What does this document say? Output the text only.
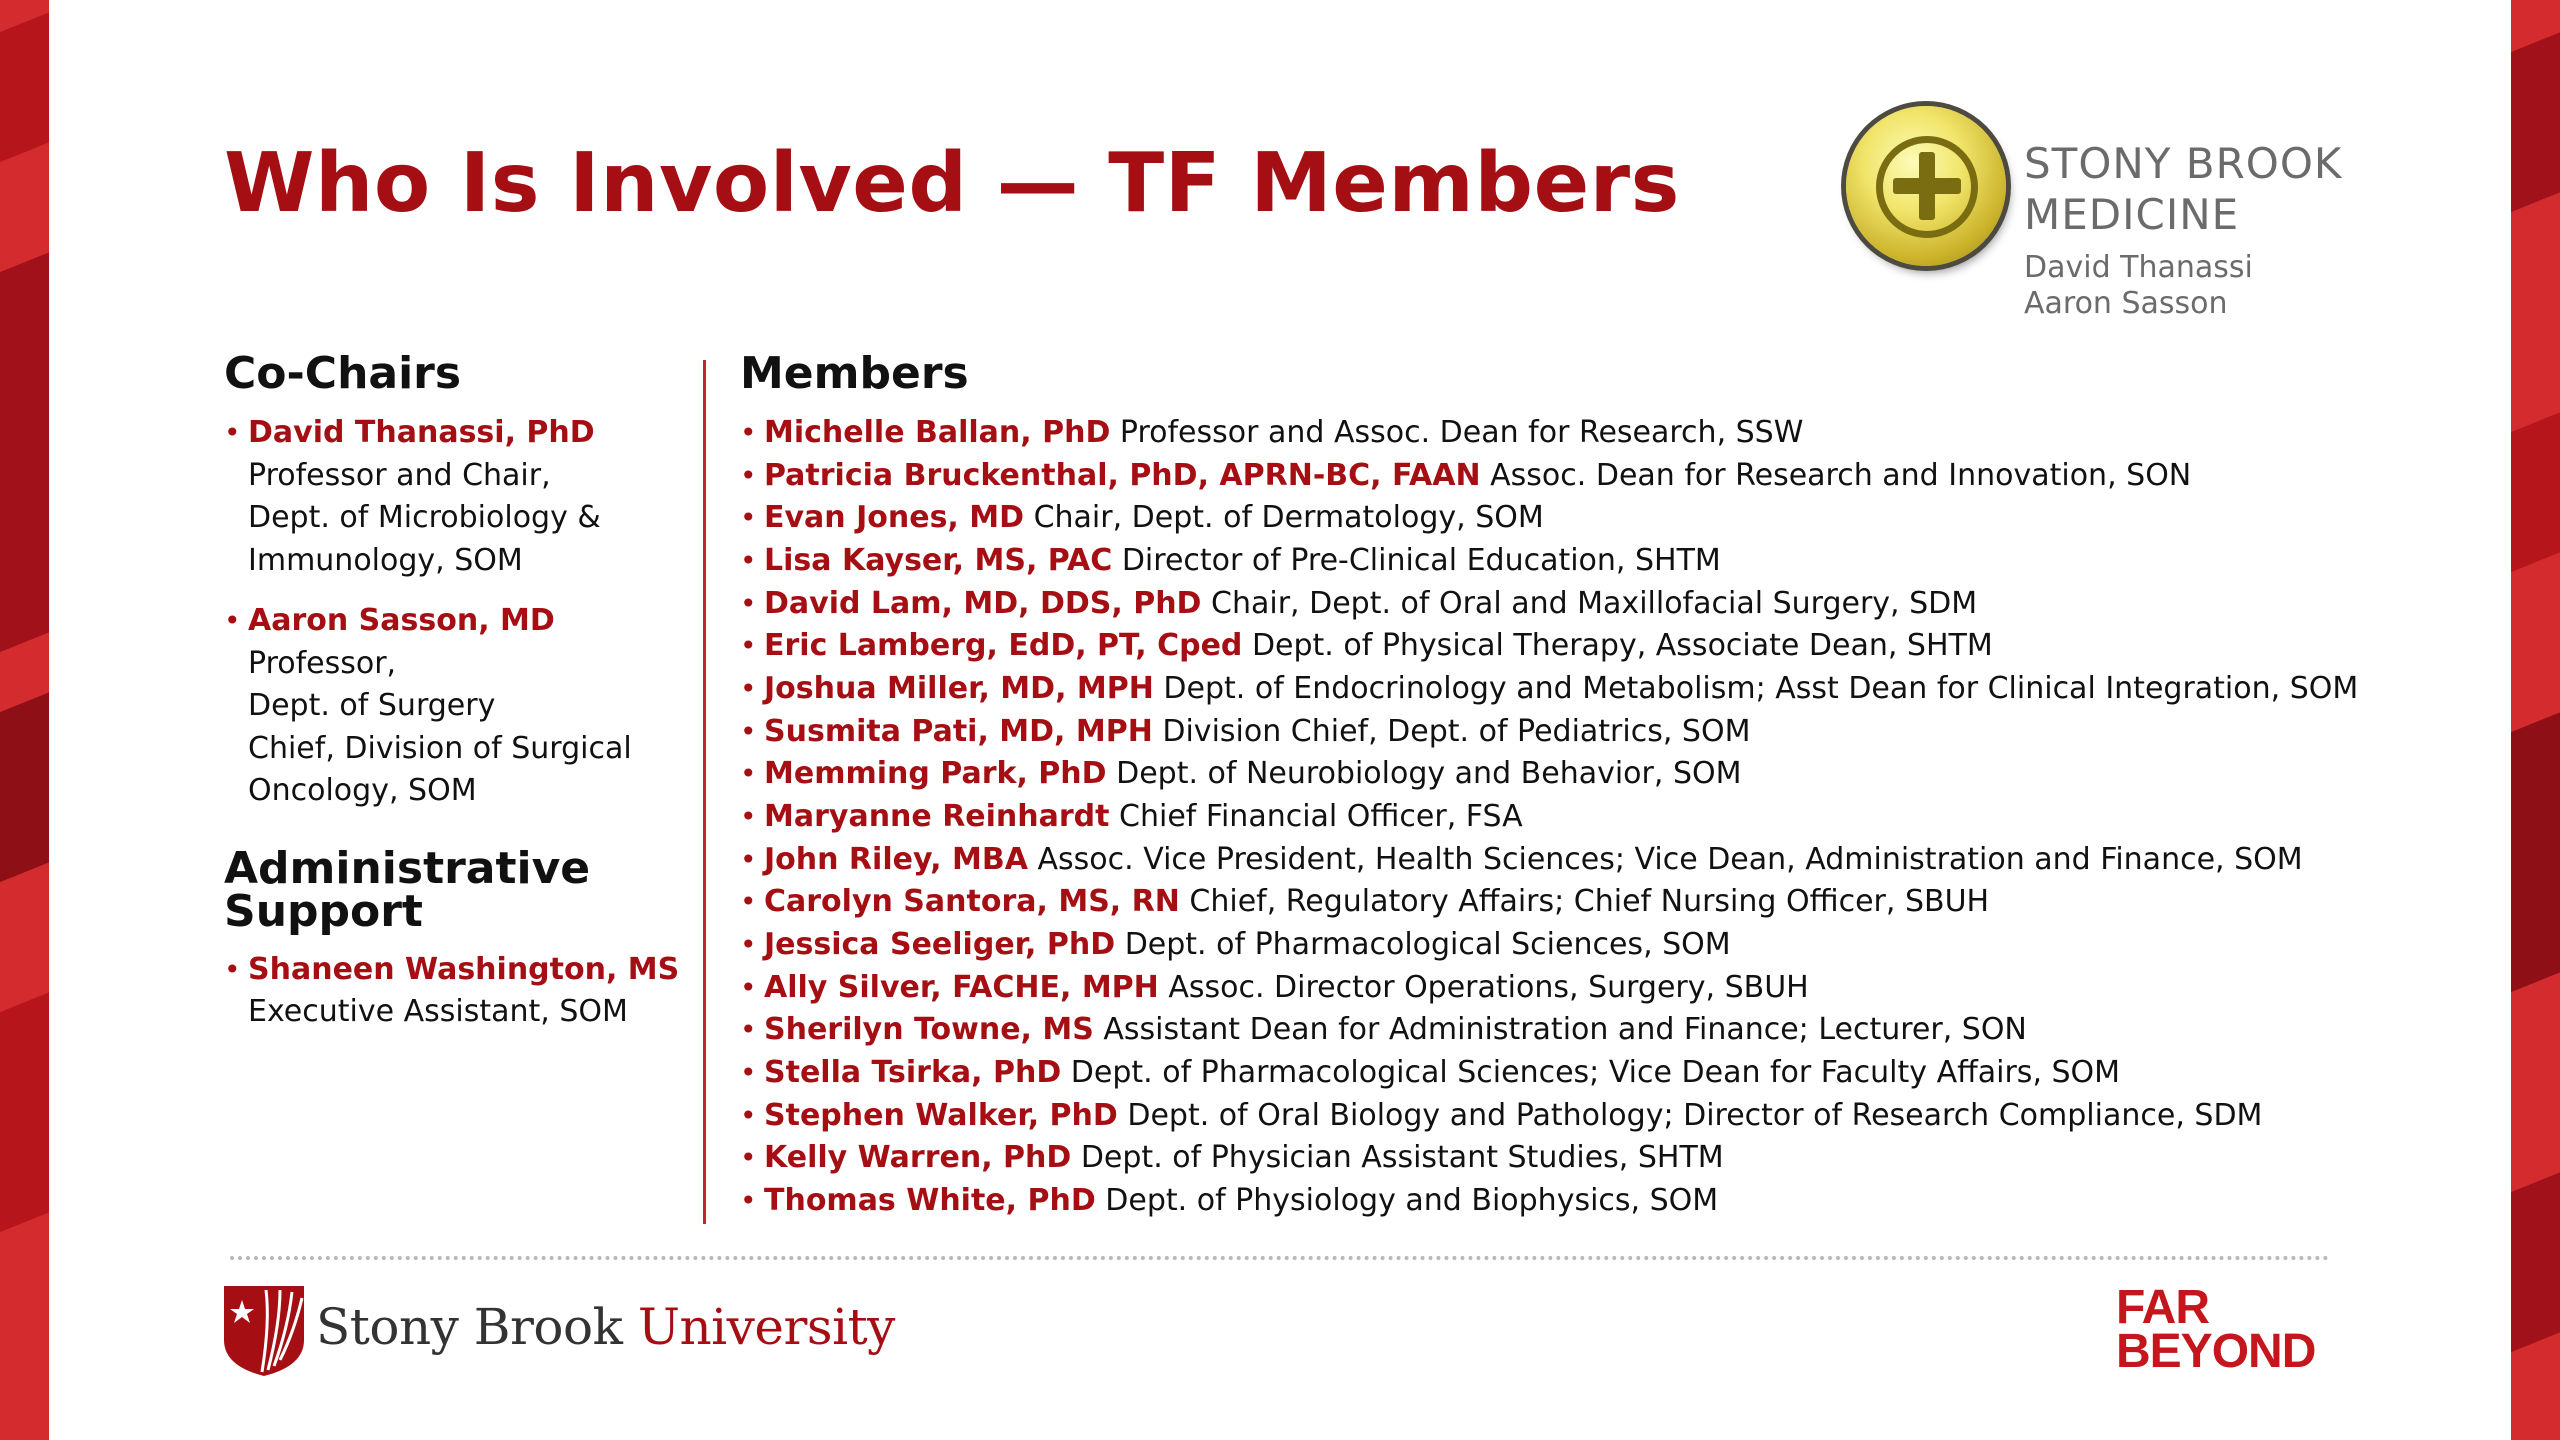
Who Is Involved — TF Members	STONY BROOK
MEDICINE
David Thanassi
Aaron Sasson
Co-Chairs
• David Thanassi, PhD
Professor and Chair,
Dept. of Microbiology &
Immunology, SOM
• Aaron Sasson, MD
Professor,
Dept. of Surgery
Chief, Division of Surgical
Oncology, SOM
Administrative
Support
• Shaneen Washington, MS
Executive Assistant, SOM
Members
• Michelle Ballan, PhD Professor and Assoc. Dean for Research, SSW
• Patricia Bruckenthal, PhD, APRN-BC, FAAN Assoc. Dean for Research and Innovation, SON
• Evan Jones, MD Chair, Dept. of Dermatology, SOM
• Lisa Kayser, MS, PAC Director of Pre-Clinical Education, SHTM
• David Lam, MD, DDS, PhD Chair, Dept. of Oral and Maxillofacial Surgery, SDM
• Eric Lamberg, EdD, PT, Cped Dept. of Physical Therapy, Associate Dean, SHTM
• Joshua Miller, MD, MPH Dept. of Endocrinology and Metabolism; Asst Dean for Clinical Integration, SOM
• Susmita Pati, MD, MPH Division Chief, Dept. of Pediatrics, SOM
• Memming Park, PhD Dept. of Neurobiology and Behavior, SOM
• Maryanne Reinhardt Chief Financial Officer, FSA
• John Riley, MBA Assoc. Vice President, Health Sciences; Vice Dean, Administration and Finance, SOM
• Carolyn Santora, MS, RN Chief, Regulatory Affairs; Chief Nursing Officer, SBUH
• Jessica Seeliger, PhD Dept. of Pharmacological Sciences, SOM
• Ally Silver, FACHE, MPH Assoc. Director Operations, Surgery, SBUH
• Sherilyn Towne, MS Assistant Dean for Administration and Finance; Lecturer, SON
• Stella Tsirka, PhD Dept. of Pharmacological Sciences; Vice Dean for Faculty Affairs, SOM
• Stephen Walker, PhD Dept. of Oral Biology and Pathology; Director of Research Compliance, SDM
• Kelly Warren, PhD Dept. of Physician Assistant Studies, SHTM
• Thomas White, PhD Dept. of Physiology and Biophysics, SOM
Stony Brook University	FAR
BEYOND
